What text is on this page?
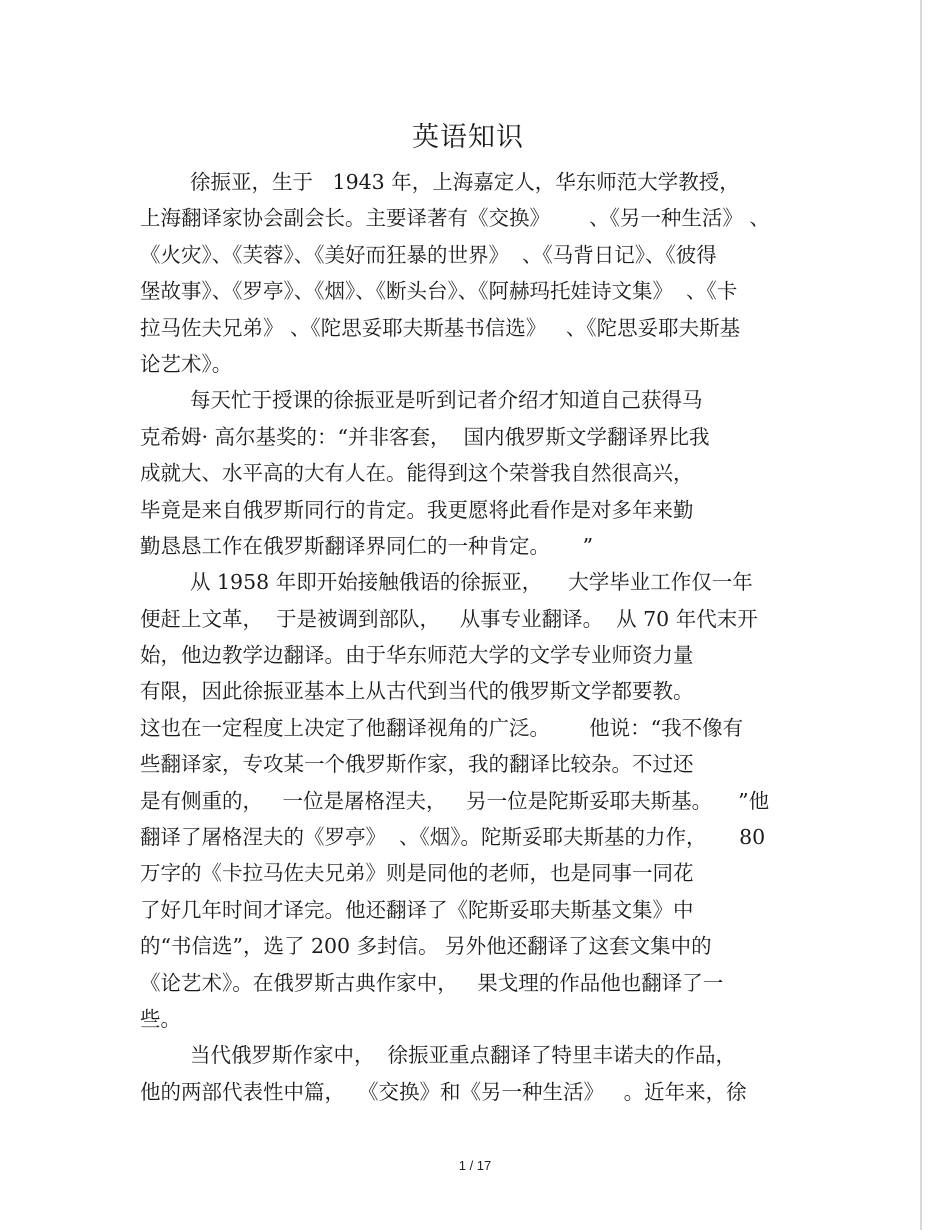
英语知识
徐振亚，生于   1943 年，上海嘉定人，华东师范大学教授，
上海翻译家协会副会长。主要译著有《交换》      、《另一种生活》 、
《火灾》、《芙蓉》、《美好而狂暴的世界》  、《马背日记》、《彼得
堡故事》、《罗亭》、《烟》、《断头台》、《阿赫玛托娃诗文集》  、《卡
拉马佐夫兄弟》 、《陀思妥耶夫斯基书信选》   、《陀思妥耶夫斯基
论艺术》。
每天忙于授课的徐振亚是听到记者介绍才知道自己获得马
克希姆· 高尔基奖的：“并非客套，  国内俄罗斯文学翻译界比我
成就大、水平高的大有人在。能得到这个荣誉我自然很高兴，
毕竟是来自俄罗斯同行的肯定。我更愿将此看作是对多年来勤
勤恳恳工作在俄罗斯翻译界同仁的一种肯定。     ”
从 1958 年即开始接触俄语的徐振亚，    大学毕业工作仅一年
便赶上文革，  于是被调到部队，   从事专业翻译。  从 70 年代末开
始，他边教学边翻译。由于华东师范大学的文学专业师资力量
有限，因此徐振亚基本上从古代到当代的俄罗斯文学都要教。
这也在一定程度上决定了他翻译视角的广泛。      他说：“我不像有
些翻译家，专攻某一个俄罗斯作家，我的翻译比较杂。不过还
是有侧重的，   一位是屠格涅夫，   另一位是陀斯妥耶夫斯基。    ”他
翻译了屠格涅夫的《罗亭》  、《烟》。陀斯妥耶夫斯基的力作，     80
万字的《卡拉马佐夫兄弟》则是同他的老师，也是同事一同花
了好几年时间才译完。他还翻译了《陀斯妥耶夫斯基文集》中
的“书信选”，选了 200 多封信。 另外他还翻译了这套文集中的
《论艺术》。在俄罗斯古典作家中，   果戈理的作品他也翻译了一
些。
当代俄罗斯作家中，  徐振亚重点翻译了特里丰诺夫的作品，
他的两部代表性中篇，  《交换》和《另一种生活》   。近年来，徐
1 / 17
